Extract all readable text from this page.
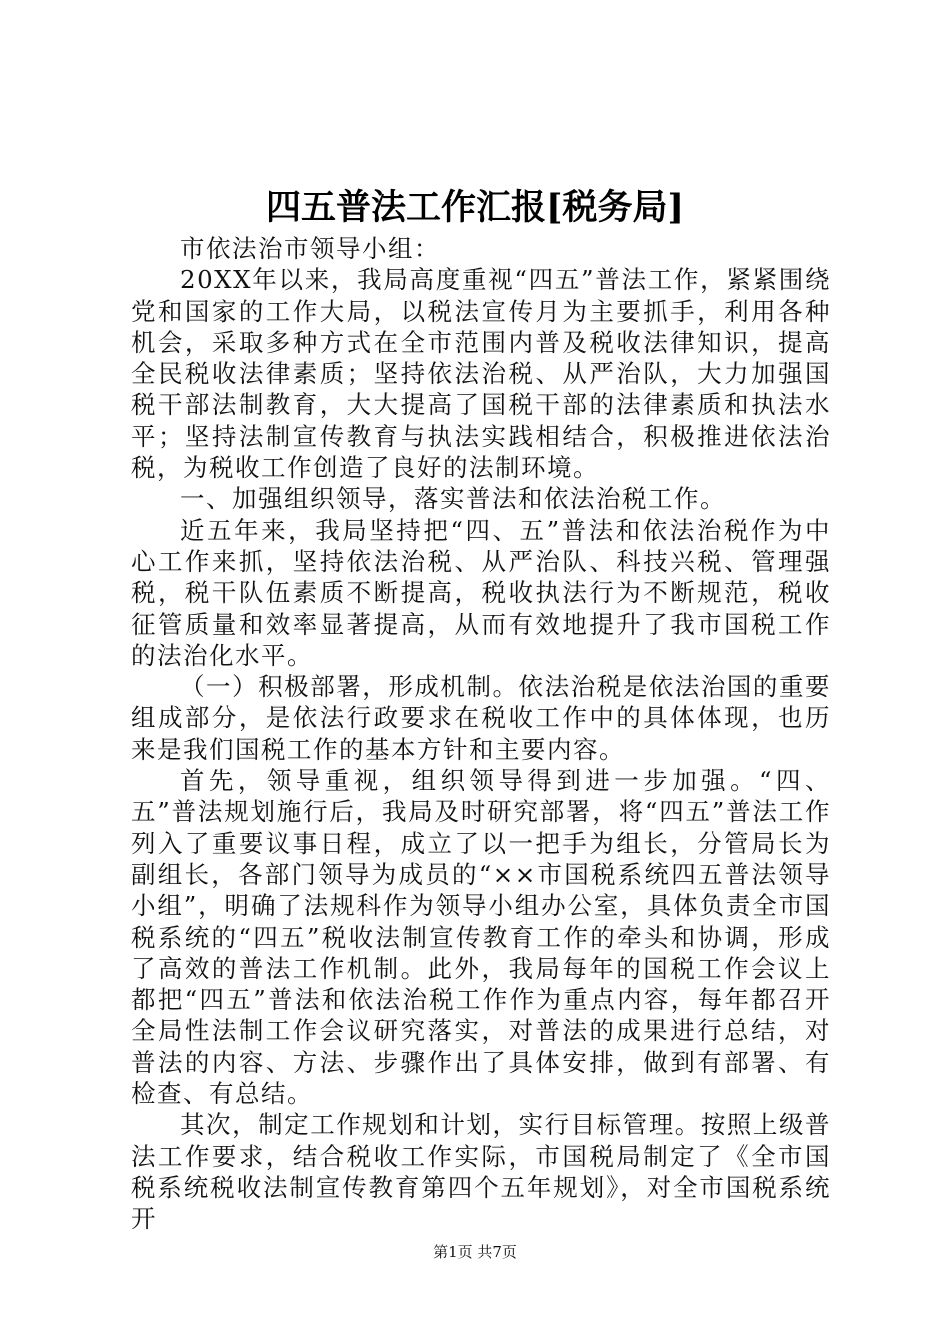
四五普法工作汇报[税务局]

市依法治市领导小组：

20XX年以来，我局高度重视“四五”普法工作，紧紧围绕党和国家的工作大局，以税法宣传月为主要抓手，利用各种机会，采取多种方式在全市范围内普及税收法律知识，提高全民税收法律素质；坚持依法治税、从严治队，大力加强国税干部法制教育，大大提高了国税干部的法律素质和执法水平；坚持法制宣传教育与执法实践相结合，积极推进依法治税，为税收工作创造了良好的法制环境。

一、加强组织领导，落实普法和依法治税工作。

近五年来，我局坚持把“四、五”普法和依法治税作为中心工作来抓，坚持依法治税、从严治队、科技兴税、管理强税，税干队伍素质不断提高，税收执法行为不断规范，税收征管质量和效率显著提高，从而有效地提升了我市国税工作的法治化水平。

（一）积极部署，形成机制。依法治税是依法治国的重要组成部分，是依法行政要求在税收工作中的具体体现，也历来是我们国税工作的基本方针和主要内容。

首先，领导重视，组织领导得到进一步加强。“四、五”普法规划施行后，我局及时研究部署，将“四五”普法工作列入了重要议事日程，成立了以一把手为组长，分管局长为副组长，各部门领导为成员的“××市国税系统四五普法领导小组”，明确了法规科作为领导小组办公室，具体负责全市国税系统的“四五”税收法制宣传教育工作的牵头和协调，形成了高效的普法工作机制。此外，我局每年的国税工作会议上都把“四五”普法和依法治税工作作为重点内容，每年都召开全局性法制工作会议研究落实，对普法的成果进行总结，对普法的内容、方法、步骤作出了具体安排，做到有部署、有检查、有总结。

其次，制定工作规划和计划，实行目标管理。按照上级普法工作要求，结合税收工作实际，市国税局制定了《全市国税系统税收法制宣传教育第四个五年规划》，对全市国税系统开

第1页 共7页
